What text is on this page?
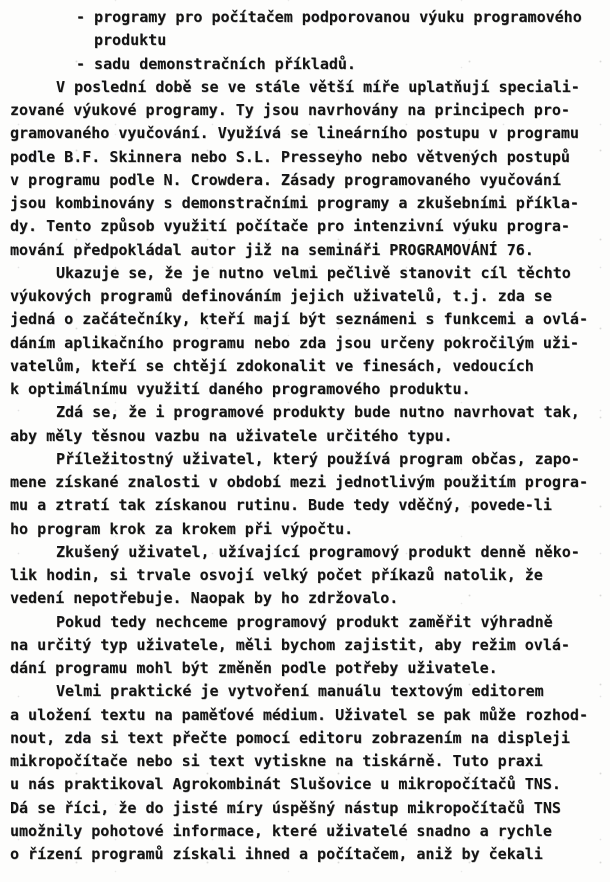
- programy pro počítačem podporovanou výuku programového
produktu
- sadu demonstračních příkladů.
V poslední době se ve stále větší míře uplatňují speciali-
zované výukové programy. Ty jsou navrhovány na principech pro-
gramovaného vyučování. Využívá se lineárního postupu v programu
podle B.F. Skinnera nebo S.L. Presseyho nebo větvených postupů
v programu podle N. Crowdera. Zásady programovaného vyučování
jsou kombinovány s demonstračními programy a zkušebními příkla-
dy. Tento způsob využití počítače pro intenzivní výuku progra-
mování předpokládal autor již na semináři PROGRAMOVÁNÍ 76.
Ukazuje se, že je nutno velmi pečlivě stanovit cíl těchto
výukových programů definováním jejich uživatelů, t.j. zda se
jedná o začátečníky, kteří mají být seznámeni s funkcemi a ovlá-
dáním aplikačního programu nebo zda jsou určeny pokročilým uži-
vatelům, kteří se chtějí zdokonalit ve finesách, vedoucích
k optimálnímu využití daného programového produktu.
Zdá se, že i programové produkty bude nutno navrhovat tak,
aby měly těsnou vazbu na uživatele určitého typu.
Příležitostný uživatel, který používá program občas, zapo-
mene získané znalosti v období mezi jednotlivým použitím progra-
mu a ztratí tak získanou rutinu. Bude tedy vděčný, povede-li
ho program krok za krokem při výpočtu.
Zkušený uživatel, užívající programový produkt denně něko-
lik hodin, si trvale osvojí velký počet příkazů natolik, že
vedení nepotřebuje. Naopak by ho zdržovalo.
Pokud tedy nechceme programový produkt zaměřit výhradně
na určitý typ uživatele, měli bychom zajistit, aby režim ovlá-
dání programu mohl být změněn podle potřeby uživatele.
Velmi praktické je vytvoření manuálu textovým editorem
a uložení textu na paměťové médium. Uživatel se pak může rozhod-
nout, zda si text přečte pomocí editoru zobrazením na displeji
mikropočítače nebo si text vytiskne na tiskárně. Tuto praxi
u nás praktikoval Agrokombinát Slušovice u mikropočítačů TNS.
Dá se říci, že do jisté míry úspěšný nástup mikropočítačů TNS
umožnily pohotové informace, které uživatelé snadno a rychle
o řízení programů získali ihned a počítačem, aniž by čekali
